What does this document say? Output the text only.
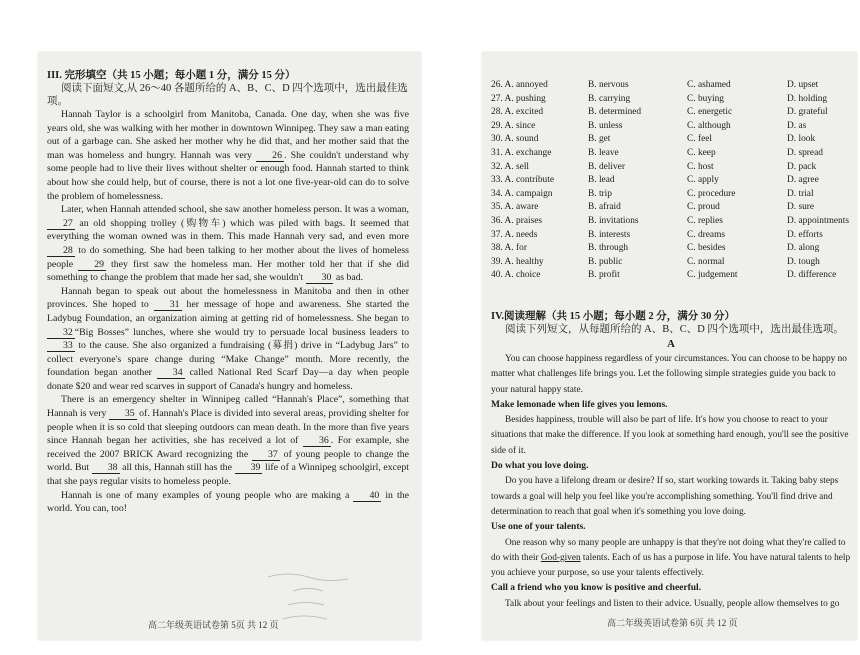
III. 完形填空（共 15 小题；每小题 1 分，满分 15 分）
阅读下面短文,从 26～40 各题所给的 A、B、C、D 四个选项中，选出最佳选项。

Hannah Taylor is a schoolgirl from Manitoba, Canada. One day, when she was five years old, she was walking with her mother in downtown Winnipeg. They saw a man eating out of a garbage can. She asked her mother why he did that, and her mother said that the man was homeless and hungry. Hannah was very 26 . She couldn't understand why some people had to live their lives without shelter or enough food. Hannah started to think about how she could help, but of course, there is not a lot one five-year-old can do to solve the problem of homelessness.

Later, when Hannah attended school, she saw another homeless person. It was a woman, 27 an old shopping trolley (购物车) which was piled with bags. It seemed that everything the woman owned was in them. This made Hannah very sad, and even more 28 to do something. She had been talking to her mother about the lives of homeless people 29 they first saw the homeless man. Her mother told her that if she did something to change the problem that made her sad, she wouldn't 30 as bad.

Hannah began to speak out about the homelessness in Manitoba and then in other provinces. She hoped to 31 her message of hope and awareness. She started the Ladybug Foundation, an organization aiming at getting rid of homelessness. She began to 32 “Big Bosses” lunches, where she would try to persuade local business leaders to 33 to the cause. She also organized a fundraising (募捐) drive in “Ladybug Jars” to collect everyone's spare change during “Make Change” month. More recently, the foundation began another 34 called National Red Scarf Day—a day when people donate $20 and wear red scarves in support of Canada's hungry and homeless.

There is an emergency shelter in Winnipeg called “Hannah's Place”, something that Hannah is very 35 of. Hannah's Place is divided into several areas, providing shelter for people when it is so cold that sleeping outdoors can mean death. In the more than five years since Hannah began her activities, she has received a lot of 36 . For example, she received the 2007 BRICK Award recognizing the 37 of young people to change the world. But 38 all this, Hannah still has the 39 life of a Winnipeg schoolgirl, except that she pays regular visits to homeless people.

Hannah is one of many examples of young people who are making a 40 in the world. You can, too!

高二年级英语试卷第 5页 共 12 页
26. A. annoyed	B. nervous	C. ashamed	D. upset
27. A. pushing	B. carrying	C. buying	D. holding
28. A. excited	B. determined	C. energetic	D. grateful
29. A. since	B. unless	C. although	D. as
30. A. sound	B. get	C. feel	D. look
31. A. exchange	B. leave	C. keep	D. spread
32. A. sell	B. deliver	C. host	D. pack
33. A. contribute	B. lead	C. apply	D. agree
34. A. campaign	B. trip	C. procedure	D. trial
35. A. aware	B. afraid	C. proud	D. sure
36. A. praises	B. invitations	C. replies	D. appointments
37. A. needs	B. interests	C. dreams	D. efforts
38. A. for	B. through	C. besides	D. along
39. A. healthy	B. public	C. normal	D. tough
40. A. choice	B. profit	C. judgement	D. difference
IV.阅读理解（共 15 小题；每小题 2 分，满分 30 分）
阅读下列短文，从每题所给的 A、B、C、D 四个选项中，选出最佳选项。
A

You can choose happiness regardless of your circumstances. You can choose to be happy no matter what challenges life brings you. Let the following simple strategies guide you back to your natural happy state.

Make lemonade when life gives you lemons.

Besides happiness, trouble will also be part of life. It's how you choose to react to your situations that make the difference. If you look at something hard enough, you'll see the positive side of it.

Do what you love doing.

Do you have a lifelong dream or desire? If so, start working towards it. Taking baby steps towards a goal will help you feel like you're accomplishing something. You'll find drive and determination to reach that goal when it's something you love doing.

Use one of your talents.

One reason why so many people are unhappy is that they're not doing what they're called to do with their God-given talents. Each of us has a purpose in life. You have natural talents to help you achieve your purpose, so use your talents effectively.

Call a friend who you know is positive and cheerful.

Talk about your feelings and listen to their advice. Usually, people allow themselves to go

高二年级英语试卷第 6页 共 12 页
